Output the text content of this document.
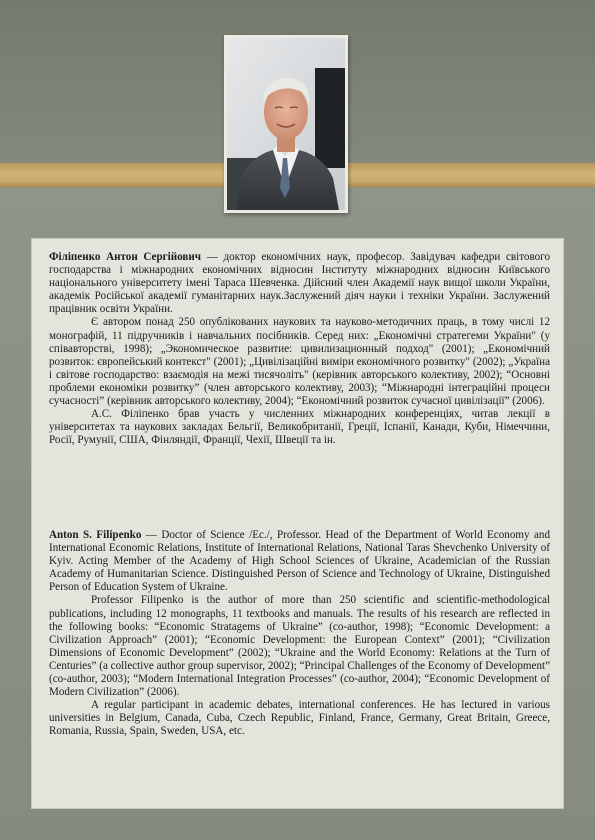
Філіпенко Антон Сергійович — доктор економічних наук, професор. Завідувач кафедри світового господарства і міжнародних економічних відносин Інституту міжнародних відносин Київського національного університету імені Тараса Шевченка. Дійсний член Академії наук вищої школи України, академік Російської академії гуманітарних наук.Заслужений діяч науки і техніки України. Заслужений працівник освіти України.

Є автором понад 250 опублікованих наукових та науково-методичних праць, в тому числі 12 монографій, 11 підручників і навчальних посібників. Серед них: „Економічні стратегеми України" (у співавторстві, 1998); „Экономическое развитие: цивилизационный подход" (2001); „Економічний розвиток: європейський контекст" (2001); „Цивілізаційні виміри економічного розвитку" (2002); „Україна і світове господарство: взаємодія на межі тисячоліть" (керівник авторського колективу, 2002); “Основні проблеми економіки розвитку” (член авторського колективу, 2003); “Міжнародні інтеграційні процеси сучасності” (керівник авторського колективу, 2004); “Економічний розвиток сучасної цивілізації” (2006).

А.С. Філіпенко брав участь у численних міжнародних конференціях, читав лекції в університетах та наукових закладах Бельгії, Великобританії, Греції, Іспанії, Канади, Куби, Німеччини, Росії, Румунії, США, Фінляндії, Франції, Чехії, Швеції та ін.

Anton S. Filipenko — Doctor of Science /Ec./, Professor. Head of the Department of World Economy and International Economic Relations, Institute of International Relations, National Taras Shevchenko University of Kyiv. Acting Member of the Academy of High School Sciences of Ukraine, Academician of the Russian Academy of Humanitarian Science. Distinguished Person of Science and Technology of Ukraine, Distinguished Person of Education System of Ukraine.

Professor Filipenko is the author of more than 250 scientific and scientific-methodological publications, including 12 monographs, 11 textbooks and manuals. The results of his research are reflected in the following books: “Economic Stratagems of Ukraine” (co-author, 1998); “Economic Development: a Civilization Approach” (2001); “Economic Development: the European Context” (2001); “Civilization Dimensions of Economic Development” (2002); “Ukraine and the World Economy: Relations at the Turn of Centuries” (a collective author group supervisor, 2002); “Principal Challenges of the Economy of Development” (co-author, 2003); “Modern International Integration Processes” (co-author, 2004); “Economic Development of Modern Civilization” (2006).

A regular participant in academic debates, international conferences. He has lectured in various universities in Belgium, Canada, Cuba, Czech Republic, Finland, France, Germany, Great Britain, Greece, Romania, Russia, Spain, Sweden, USA, etc.
